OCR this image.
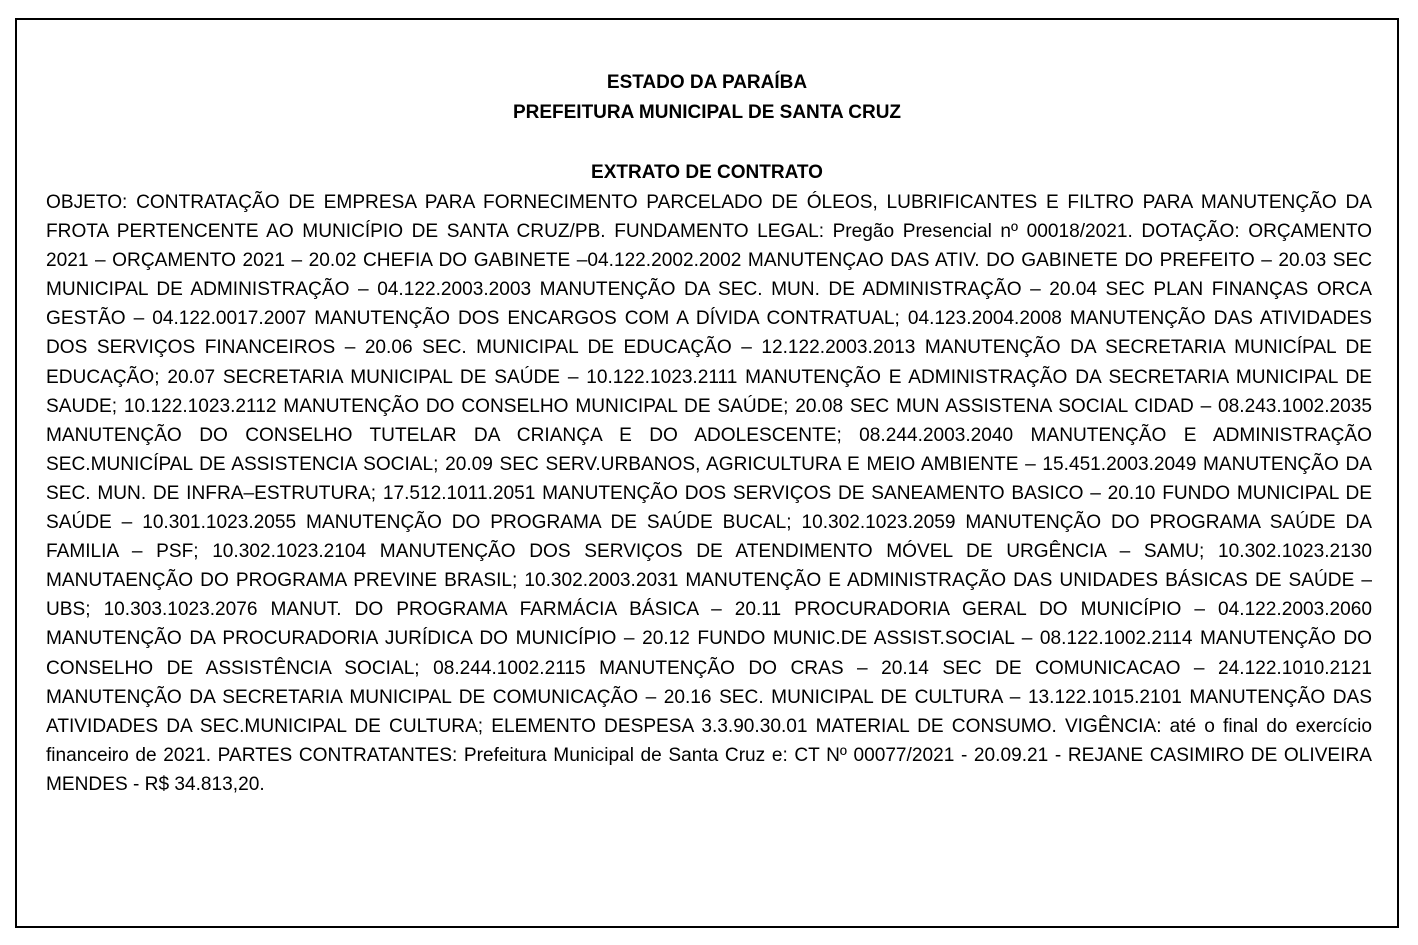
ESTADO DA PARAÍBA

PREFEITURA MUNICIPAL DE SANTA CRUZ

EXTRATO DE CONTRATO

OBJETO: CONTRATAÇÃO DE EMPRESA PARA FORNECIMENTO PARCELADO DE ÓLEOS, LUBRIFICANTES E FILTRO PARA MANUTENÇÃO DA FROTA PERTENCENTE AO MUNICÍPIO DE SANTA CRUZ/PB. FUNDAMENTO LEGAL: Pregão Presencial nº 00018/2021. DOTAÇÃO: ORÇAMENTO 2021 – ORÇAMENTO 2021 – 20.02 CHEFIA DO GABINETE –04.122.2002.2002 MANUTENÇAO DAS ATIV. DO GABINETE DO PREFEITO – 20.03 SEC MUNICIPAL DE ADMINISTRAÇÃO – 04.122.2003.2003 MANUTENÇÃO DA SEC. MUN. DE ADMINISTRAÇÃO – 20.04 SEC PLAN FINANÇAS ORCA GESTÃO – 04.122.0017.2007 MANUTENÇÃO DOS ENCARGOS COM A DÍVIDA CONTRATUAL; 04.123.2004.2008 MANUTENÇÃO DAS ATIVIDADES DOS SERVIÇOS FINANCEIROS – 20.06 SEC. MUNICIPAL DE EDUCAÇÃO – 12.122.2003.2013 MANUTENÇÃO DA SECRETARIA MUNICÍPAL DE EDUCAÇÃO; 20.07 SECRETARIA MUNICIPAL DE SAÚDE – 10.122.1023.2111 MANUTENÇÃO E ADMINISTRAÇÃO DA SECRETARIA MUNICIPAL DE SAUDE; 10.122.1023.2112 MANUTENÇÃO DO CONSELHO MUNICIPAL DE SAÚDE; 20.08 SEC MUN ASSISTENA SOCIAL CIDAD – 08.243.1002.2035 MANUTENÇÃO DO CONSELHO TUTELAR DA CRIANÇA E DO ADOLESCENTE; 08.244.2003.2040 MANUTENÇÃO E ADMINISTRAÇÃO SEC.MUNICÍPAL DE ASSISTENCIA SOCIAL; 20.09 SEC SERV.URBANOS, AGRICULTURA E MEIO AMBIENTE – 15.451.2003.2049 MANUTENÇÃO DA SEC. MUN. DE INFRA–ESTRUTURA; 17.512.1011.2051 MANUTENÇÃO DOS SERVIÇOS DE SANEAMENTO BASICO – 20.10 FUNDO MUNICIPAL DE SAÚDE – 10.301.1023.2055 MANUTENÇÃO DO PROGRAMA DE SAÚDE BUCAL; 10.302.1023.2059 MANUTENÇÃO DO PROGRAMA SAÚDE DA FAMILIA – PSF; 10.302.1023.2104 MANUTENÇÃO DOS SERVIÇOS DE ATENDIMENTO MÓVEL DE URGÊNCIA – SAMU; 10.302.1023.2130 MANUTAENÇÃO DO PROGRAMA PREVINE BRASIL; 10.302.2003.2031 MANUTENÇÃO E ADMINISTRAÇÃO DAS UNIDADES BÁSICAS DE SAÚDE – UBS; 10.303.1023.2076 MANUT. DO PROGRAMA FARMÁCIA BÁSICA – 20.11 PROCURADORIA GERAL DO MUNICÍPIO – 04.122.2003.2060 MANUTENÇÃO DA PROCURADORIA JURÍDICA DO MUNICÍPIO – 20.12 FUNDO MUNIC.DE ASSIST.SOCIAL – 08.122.1002.2114 MANUTENÇÃO DO CONSELHO DE ASSISTÊNCIA SOCIAL; 08.244.1002.2115 MANUTENÇÃO DO CRAS – 20.14 SEC DE COMUNICACAO – 24.122.1010.2121 MANUTENÇÃO DA SECRETARIA MUNICIPAL DE COMUNICAÇÃO – 20.16 SEC. MUNICIPAL DE CULTURA – 13.122.1015.2101 MANUTENÇÃO DAS ATIVIDADES DA SEC.MUNICIPAL DE CULTURA; ELEMENTO DESPESA 3.3.90.30.01 MATERIAL DE CONSUMO. VIGÊNCIA: até o final do exercício financeiro de 2021. PARTES CONTRATANTES: Prefeitura Municipal de Santa Cruz e: CT Nº 00077/2021 - 20.09.21 - REJANE CASIMIRO DE OLIVEIRA MENDES - R$ 34.813,20.
